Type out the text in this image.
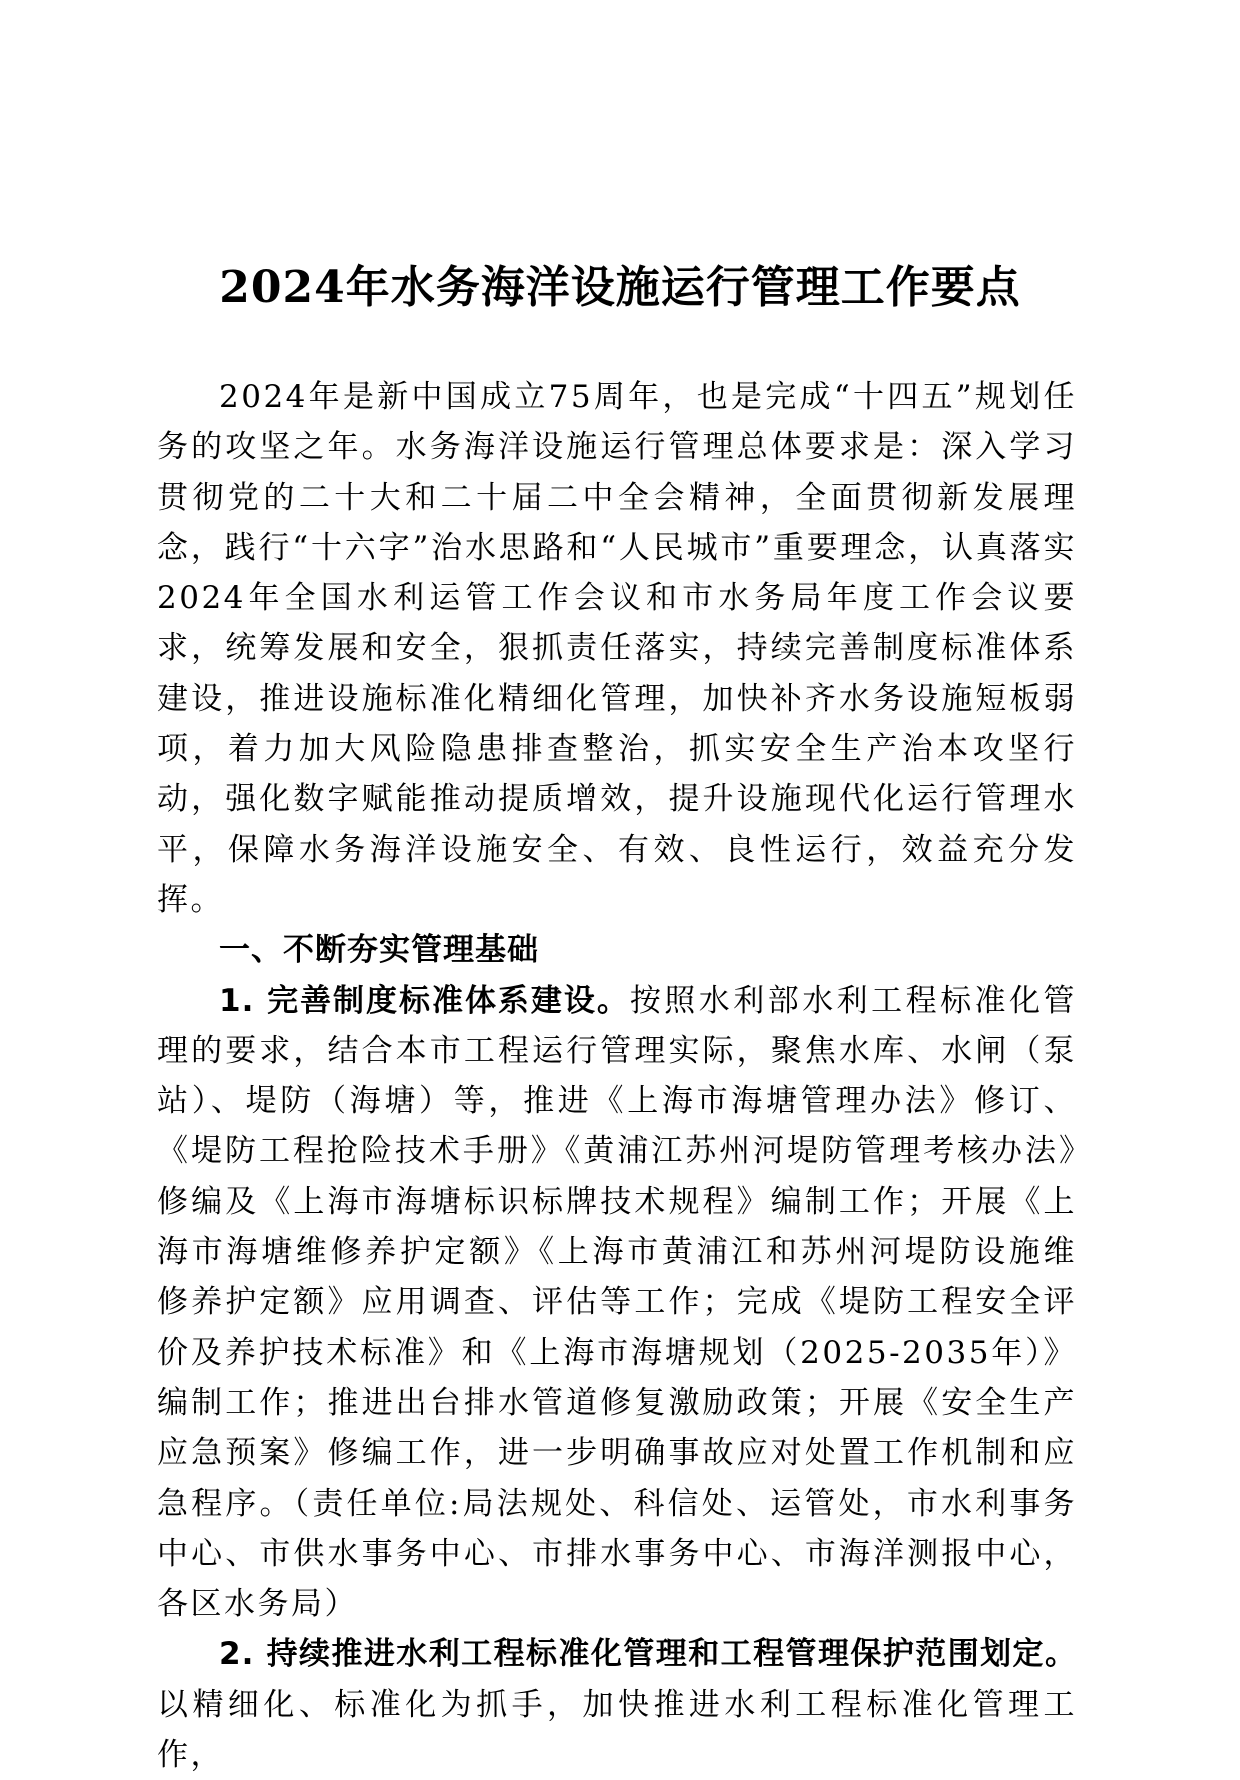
2024年水务海洋设施运行管理工作要点

2024年是新中国成立75周年，也是完成“十四五”规划任务的攻坚之年。水务海洋设施运行管理总体要求是：深入学习贯彻党的二十大和二十届二中全会精神，全面贯彻新发展理念，践行“十六字”治水思路和“人民城市”重要理念，认真落实2024年全国水利运管工作会议和市水务局年度工作会议要求，统筹发展和安全，狠抓责任落实，持续完善制度标准体系建设，推进设施标准化精细化管理，加快补齐水务设施短板弱项，着力加大风险隐患排查整治，抓实安全生产治本攻坚行动，强化数字赋能推动提质增效，提升设施现代化运行管理水平，保障水务海洋设施安全、有效、良性运行，效益充分发挥。

一、不断夯实管理基础

1. 完善制度标准体系建设。按照水利部水利工程标准化管理的要求，结合本市工程运行管理实际，聚焦水库、水闸（泵站）、堤防（海塘）等，推进《上海市海塘管理办法》修订、《堤防工程抢险技术手册》《黄浦江苏州河堤防管理考核办法》修编及《上海市海塘标识标牌技术规程》编制工作；开展《上海市海塘维修养护定额》《上海市黄浦江和苏州河堤防设施维修养护定额》应用调查、评估等工作；完成《堤防工程安全评价及养护技术标准》和《上海市海塘规划（2025-2035年）》编制工作；推进出台排水管道修复激励政策；开展《安全生产应急预案》修编工作，进一步明确事故应对处置工作机制和应急程序。（责任单位:局法规处、科信处、运管处，市水利事务中心、市供水事务中心、市排水事务中心、市海洋测报中心，各区水务局）

2. 持续推进水利工程标准化管理和工程管理保护范围划定。以精细化、标准化为抓手，加快推进水利工程标准化管理工作，
